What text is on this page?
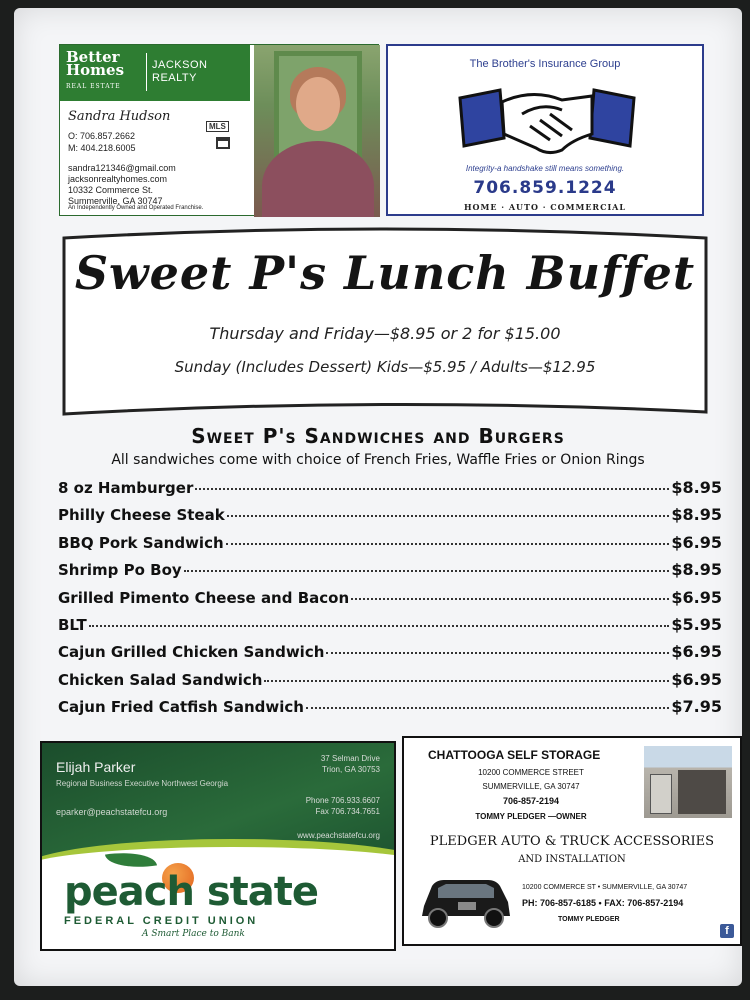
Better
Homes
REAL ESTATE
JACKSON REALTY
Sandra Hudson
MLS
O: 706.857.2662
M: 404.218.6005
sandra121346@gmail.com
jacksonrealtyhomes.com
10332 Commerce St.
Summerville, GA 30747
An Independently Owned and Operated Franchise.
The Brother's Insurance Group
Integrity-a handshake still means something.
706.859.1224
HOME · AUTO · COMMERCIAL
Sweet P's Lunch Buffet
Thursday and Friday—$8.95 or 2 for $15.00
Sunday (Includes Dessert) Kids—$5.95 / Adults—$12.95
Sweet P's Sandwiches and Burgers
All sandwiches come with choice of French Fries, Waffle Fries or Onion Rings
8 oz Hamburger	$8.95
Philly Cheese Steak	$8.95
BBQ Pork Sandwich	$6.95
Shrimp Po Boy	$8.95
Grilled Pimento Cheese and Bacon	$6.95
BLT	$5.95
Cajun Grilled Chicken Sandwich	$6.95
Chicken Salad Sandwich	$6.95
Cajun Fried Catfish Sandwich	$7.95
Elijah Parker
Regional Business Executive Northwest Georgia
eparker@peachstatefcu.org
37 Selman Drive
Trion, GA 30753
Phone 706.933.6607
Fax 706.734.7651
www.peachstatefcu.org
peach state
FEDERAL CREDIT UNION
A Smart Place to Bank
CHATTOOGA SELF STORAGE
10200 COMMERCE STREET
SUMMERVILLE, GA 30747
706-857-2194
TOMMY PLEDGER —OWNER
PLEDGER AUTO & TRUCK ACCESSORIES
AND INSTALLATION
10200 COMMERCE ST • SUMMERVILLE, GA 30747
PH: 706-857-6185 • FAX: 706-857-2194
TOMMY PLEDGER
f
